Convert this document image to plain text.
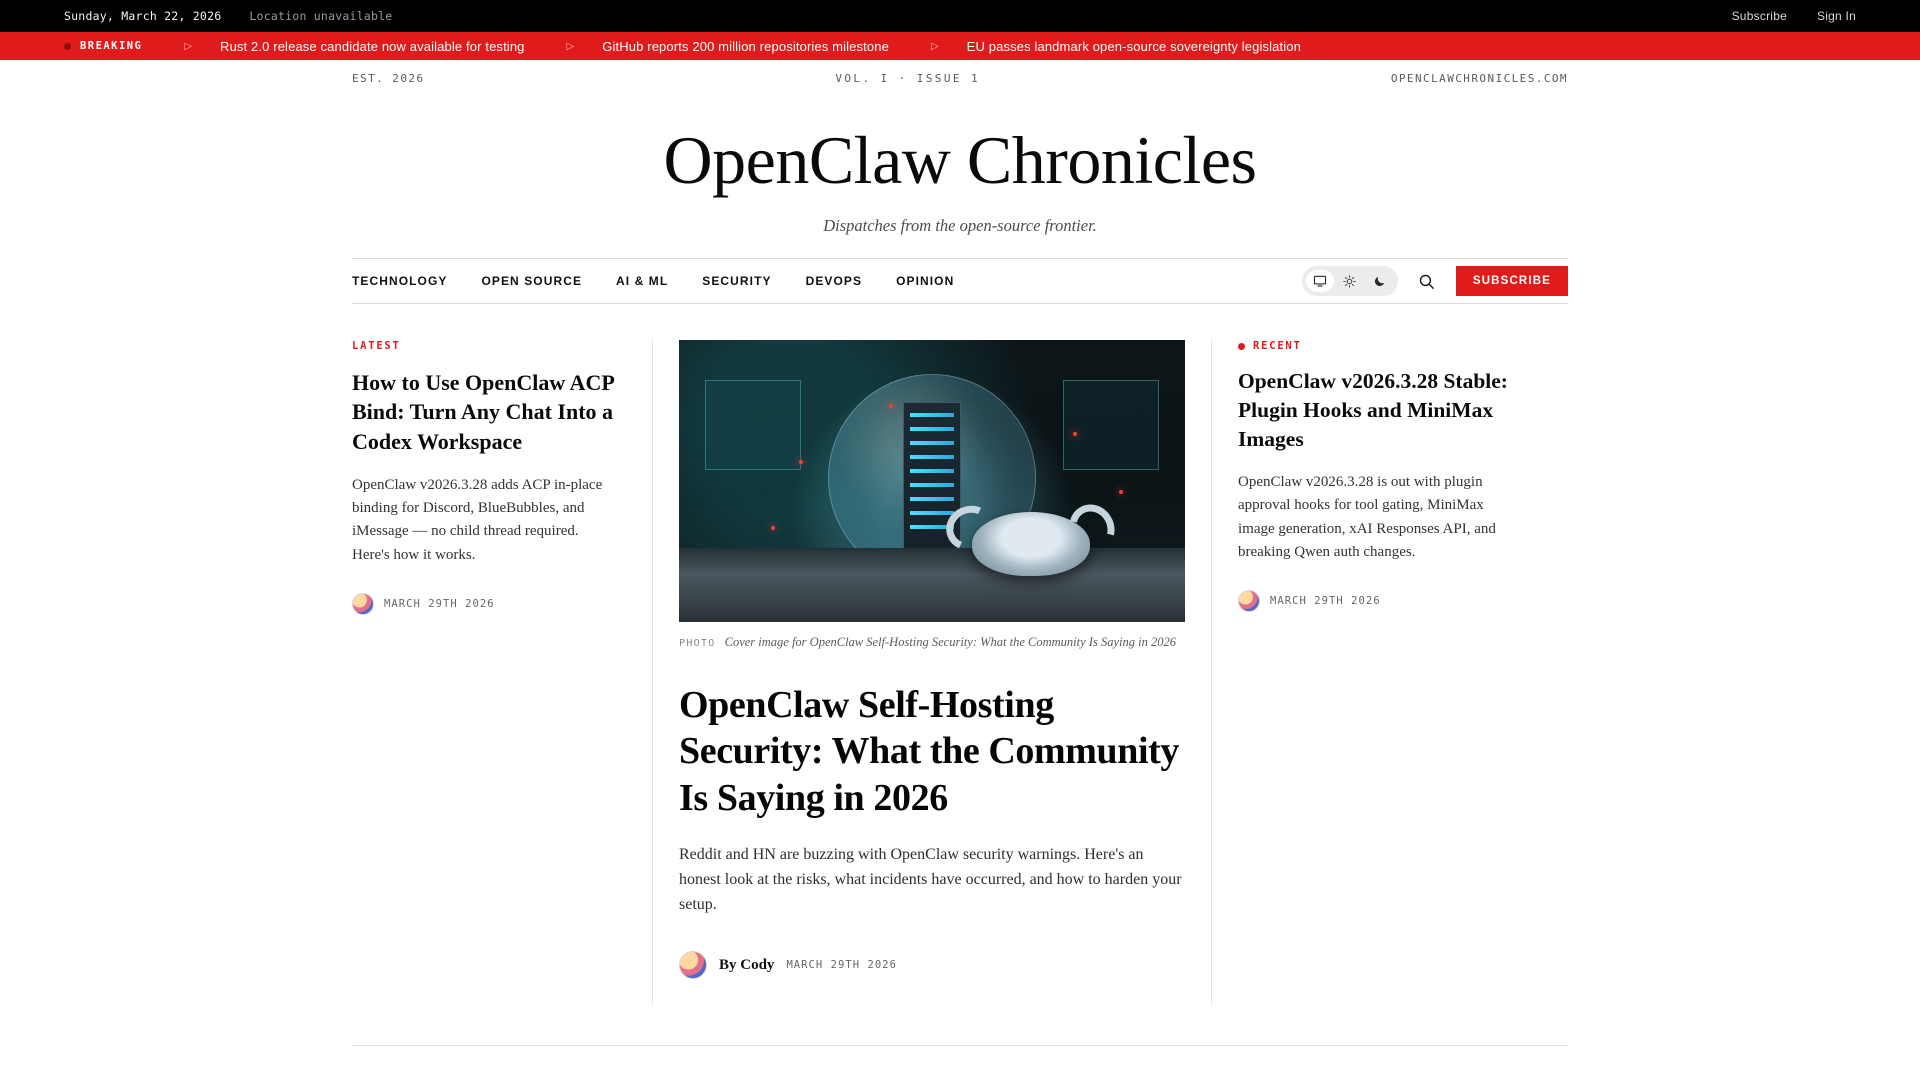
Sunday, March 22, 2026 Location unavailable	Subscribe	Sign In
BREAKING	▷ Rust 2.0 release candidate now available for testing	▷ GitHub reports 200 million repositories milestone	▷ EU passes landmark open-source sovereignty legislation
EST. 2026	VOL. I · ISSUE 1	OPENCLAWCHRONICLES.COM
OpenClaw Chronicles
Dispatches from the open-source frontier.
TECHNOLOGY	OPEN SOURCE	AI & ML	SECURITY	DEVOPS	OPINION	SUBSCRIBE
LATEST
How to Use OpenClaw ACP Bind: Turn Any Chat Into a Codex Workspace
OpenClaw v2026.3.28 adds ACP in-place binding for Discord, BlueBubbles, and iMessage — no child thread required. Here's how it works.
MARCH 29TH 2026
PHOTO Cover image for OpenClaw Self-Hosting Security: What the Community Is Saying in 2026
OpenClaw Self-Hosting Security: What the Community Is Saying in 2026
Reddit and HN are buzzing with OpenClaw security warnings. Here's an honest look at the risks, what incidents have occurred, and how to harden your setup.
By Cody MARCH 29TH 2026
RECENT
OpenClaw v2026.3.28 Stable: Plugin Hooks and MiniMax Images
OpenClaw v2026.3.28 is out with plugin approval hooks for tool gating, MiniMax image generation, xAI Responses API, and breaking Qwen auth changes.
MARCH 29TH 2026
